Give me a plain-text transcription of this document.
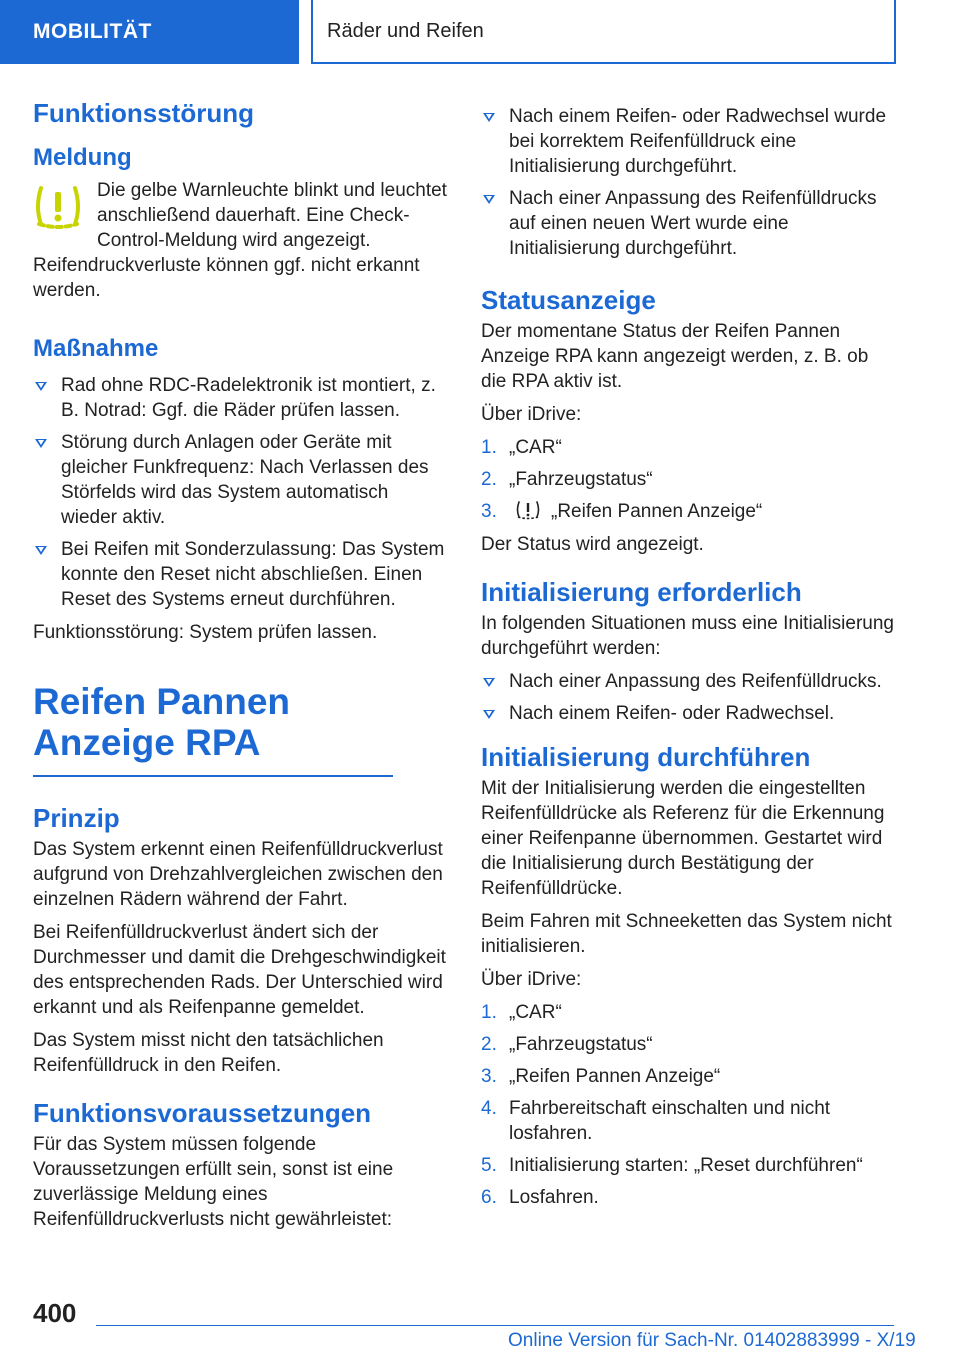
MOBILITÄT	Räder und Reifen
Funktionsstörung
Meldung

Die gelbe Warnleuchte blinkt und leuchtet anschließend dauerhaft. Eine Check-Control-Meldung wird angezeigt. Reifendruckverluste können ggf. nicht erkannt werden.

Maßnahme
Rad ohne RDC-Radelektronik ist montiert, z. B. Notrad: Ggf. die Räder prüfen lassen.
Störung durch Anlagen oder Geräte mit gleicher Funkfrequenz: Nach Verlassen des Störfelds wird das System automatisch wieder aktiv.
Bei Reifen mit Sonderzulassung: Das System konnte den Reset nicht abschließen. Einen Reset des Systems erneut durchführen.

Funktionsstörung: System prüfen lassen.

Reifen Pannen Anzeige RPA
Prinzip

Das System erkennt einen Reifenfülldruckverlust aufgrund von Drehzahlvergleichen zwischen den einzelnen Rädern während der Fahrt.

Bei Reifenfülldruckverlust ändert sich der Durchmesser und damit die Drehgeschwindigkeit des entsprechenden Rads. Der Unterschied wird erkannt und als Reifenpanne gemeldet.

Das System misst nicht den tatsächlichen Reifenfülldruck in den Reifen.

Funktionsvoraussetzungen

Für das System müssen folgende Voraussetzungen erfüllt sein, sonst ist eine zuverlässige Meldung eines Reifenfülldruckverlusts nicht gewährleistet:

Nach einem Reifen- oder Radwechsel wurde bei korrektem Reifenfülldruck eine Initialisierung durchgeführt.
Nach einer Anpassung des Reifenfülldrucks auf einen neuen Wert wurde eine Initialisierung durchgeführt.
Statusanzeige

Der momentane Status der Reifen Pannen Anzeige RPA kann angezeigt werden, z. B. ob die RPA aktiv ist.

Über iDrive:

1. „CAR“
2. „Fahrzeugstatus“
3.	„Reifen Pannen Anzeige“

Der Status wird angezeigt.

Initialisierung erforderlich

In folgenden Situationen muss eine Initialisierung durchgeführt werden:

Nach einer Anpassung des Reifenfülldrucks.
Nach einem Reifen- oder Radwechsel.
Initialisierung durchführen

Mit der Initialisierung werden die eingestellten Reifenfülldrücke als Referenz für die Erkennung einer Reifenpanne übernommen. Gestartet wird die Initialisierung durch Bestätigung der Reifenfülldrücke.

Beim Fahren mit Schneeketten das System nicht initialisieren.

Über iDrive:

1. „CAR“
2. „Fahrzeugstatus“
3. „Reifen Pannen Anzeige“
4. Fahrbereitschaft einschalten und nicht losfahren.
5. Initialisierung starten: „Reset durchführen“
6. Losfahren.
400
Online Version für Sach-Nr. 01402883999 - X/19
